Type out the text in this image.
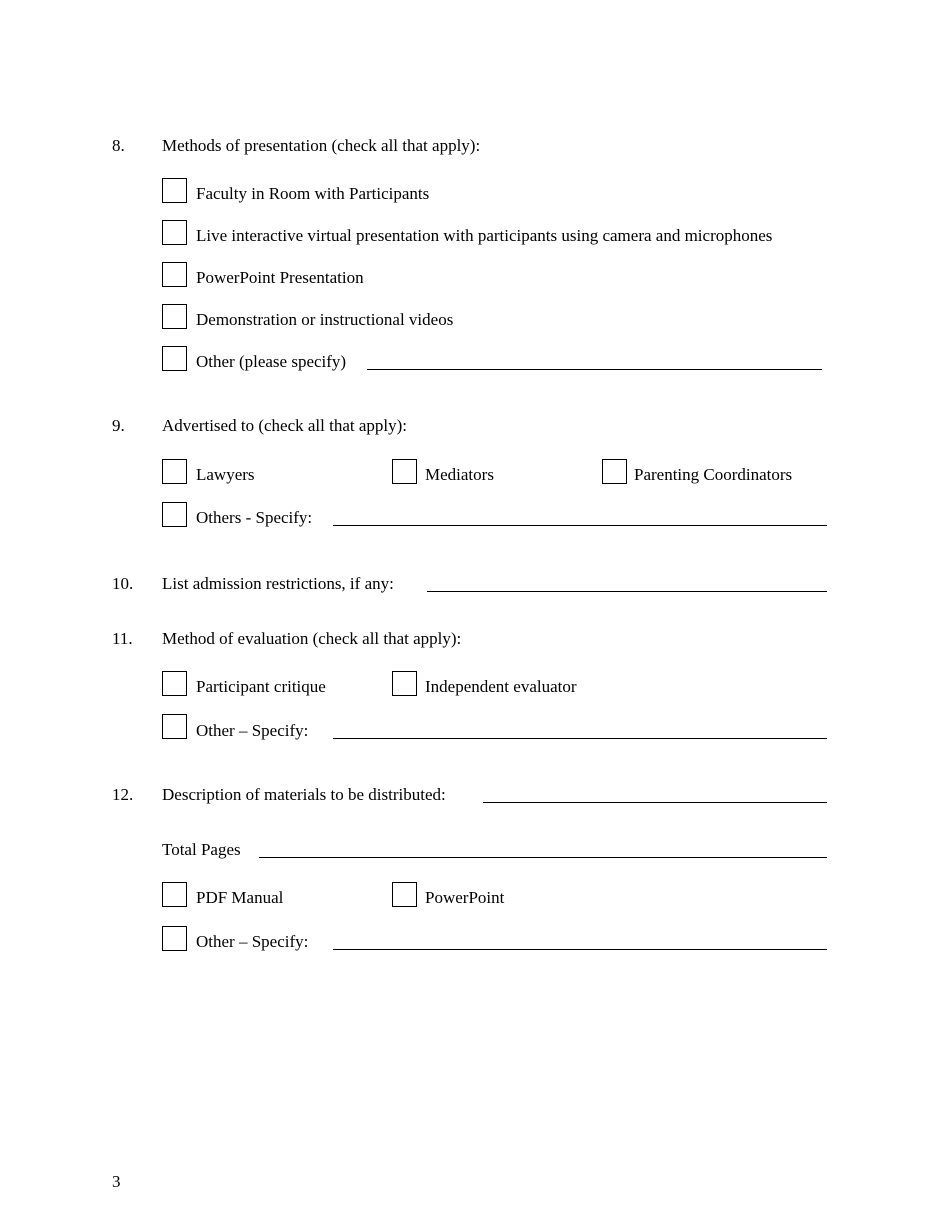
8. Methods of presentation (check all that apply):
Faculty in Room with Participants
Live interactive virtual presentation with participants using camera and microphones
PowerPoint Presentation
Demonstration or instructional videos
Other (please specify)
9. Advertised to (check all that apply):
Lawyers	Mediators	Parenting Coordinators
Others - Specify:
10. List admission restrictions, if any:
11. Method of evaluation (check all that apply):
Participant critique	Independent evaluator
Other – Specify:
12. Description of materials to be distributed:
Total Pages
PDF Manual	PowerPoint
Other – Specify:
3
